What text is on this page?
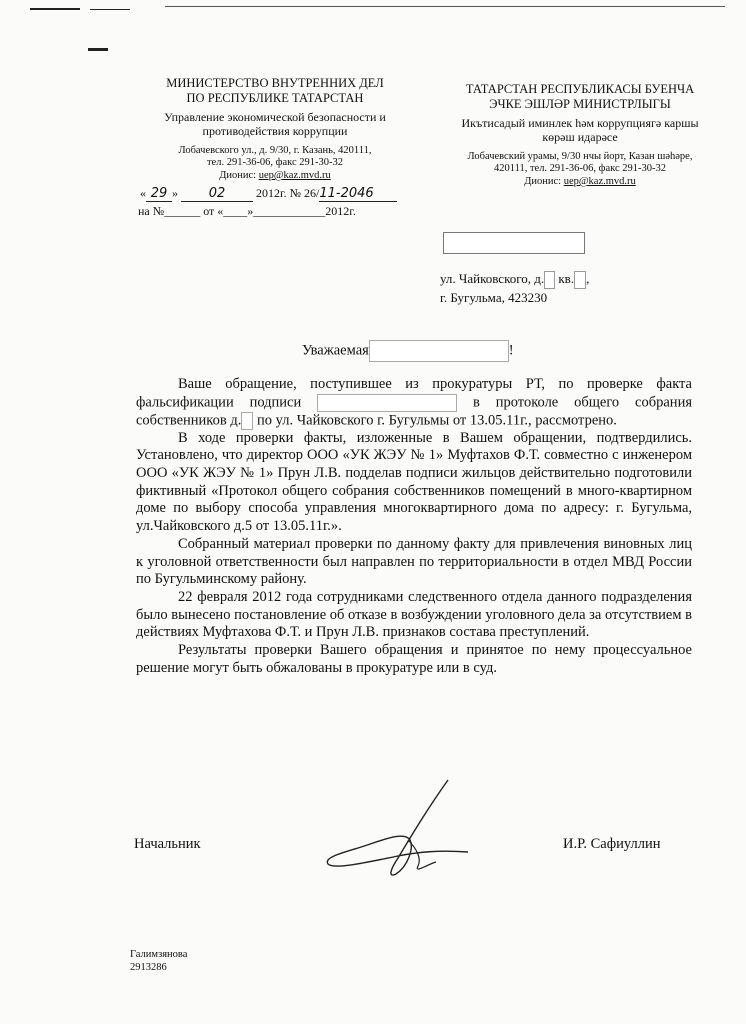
МИНИСТЕРСТВО ВНУТРЕННИХ ДЕЛ
ПО РЕСПУБЛИКЕ ТАТАРСТАН
Управление экономической безопасности и
противодействия коррупции
Лобачевского ул., д. 9/30, г. Казань, 420111,
тел. 291-36-06, факс 291-30-32
Дионис: uep@kaz.mvd.ru
ТАТАРСТАН РЕСПУБЛИКАСЫ БУЕНЧА
ЭЧКЕ ЭШЛӘР МИНИСТРЛЫГЫ
Икътисадый иминлек һәм коррупциягә каршы
көрәш идарәсе
Лобачевский урамы, 9/30 нчы йорт, Казан шәһәре,
420111, тел. 291-36-06, факс 291-30-32
Дионис: uep@kaz.mvd.ru
« 29 » 02	2012г. № 26/11-2046
на №______ от «____»____________2012г.
ул. Чайковского, д. кв. ,
г. Бугульма, 423230
Уважаемая	!

Ваше обращение, поступившее из прокуратуры РТ, по проверке факта фальсификации подписи	в протоколе общего собрания собственников д. по ул. Чайковского г. Бугульмы от 13.05.11г., рассмотрено.

В ходе проверки факты, изложенные в Вашем обращении, подтвердились. Установлено, что директор ООО «УК ЖЭУ № 1» Муфтахов Ф.Т. совместно с инженером ООО «УК ЖЭУ № 1» Прун Л.В. подделав подписи жильцов действительно подготовили фиктивный «Протокол общего собрания собственников помещений в много-квартирном доме по выбору способа управления многоквартирного дома по адресу: г. Бугульма, ул.Чайковского д.5 от 13.05.11г.».

Собранный материал проверки по данному факту для привлечения виновных лиц к уголовной ответственности был направлен по территориальности в отдел МВД России по Бугульминскому району.

22 февраля 2012 года сотрудниками следственного отдела данного подразделения было вынесено постановление об отказе в возбуждении уголовного дела за отсутствием в действиях Муфтахова Ф.Т. и Прун Л.В. признаков состава преступлений.

Результаты проверки Вашего обращения и принятое по нему процессуальное решение могут быть обжалованы в прокуратуре или в суд.

Начальник	И.Р. Сафиуллин
Галимзянова
2913286
